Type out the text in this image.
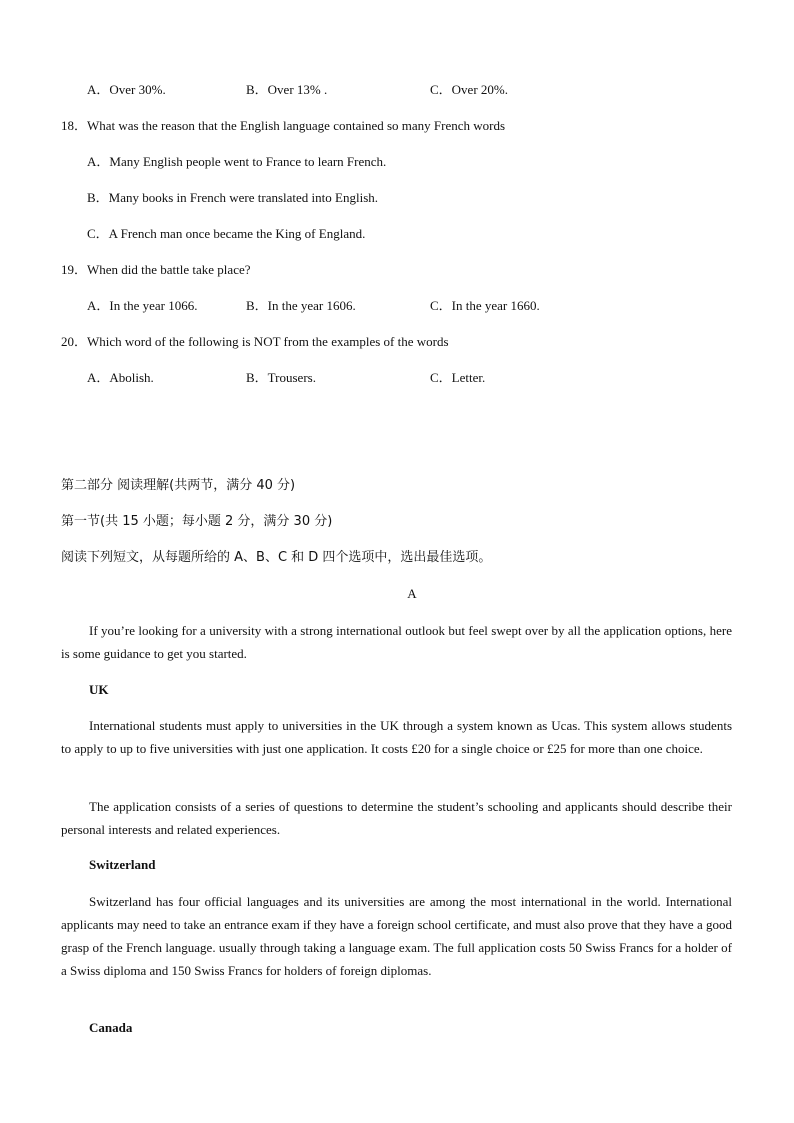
A．Over 30%.	B．Over 13% .	C．Over 20%.
18．What was the reason that the English language contained so many French words
A．Many English people went to France to learn French.
B．Many books in French were translated into English.
C．A French man once became the King of England.
19．When did the battle take place?
A．In the year 1066.	B．In the year 1606.	C．In the year 1660.
20．Which word of the following is NOT from the examples of the words
A．Abolish.	B．Trousers.	C．Letter.
第二部分 阅读理解(共两节，满分 40 分)
第一节(共 15 小题；每小题 2 分，满分 30 分)
阅读下列短文，从每题所给的 A、B、C 和 D 四个选项中，选出最佳选项。
A
If you’re looking for a university with a strong international outlook but feel swept over by all the application options, here is some guidance to get you started.
UK
International students must apply to universities in the UK through a system known as Ucas. This system allows students to apply to up to five universities with just one application. It costs £20 for a single choice or £25 for more than one choice.
The application consists of a series of questions to determine the student’s schooling and applicants should describe their personal interests and related experiences.
Switzerland
Switzerland has four official languages and its universities are among the most international in the world. International applicants may need to take an entrance exam if they have a foreign school certificate, and must also prove that they have a good grasp of the French language. usually through taking a language exam. The full application costs 50 Swiss Francs for a holder of a Swiss diploma and 150 Swiss Francs for holders of foreign diplomas.
Canada
